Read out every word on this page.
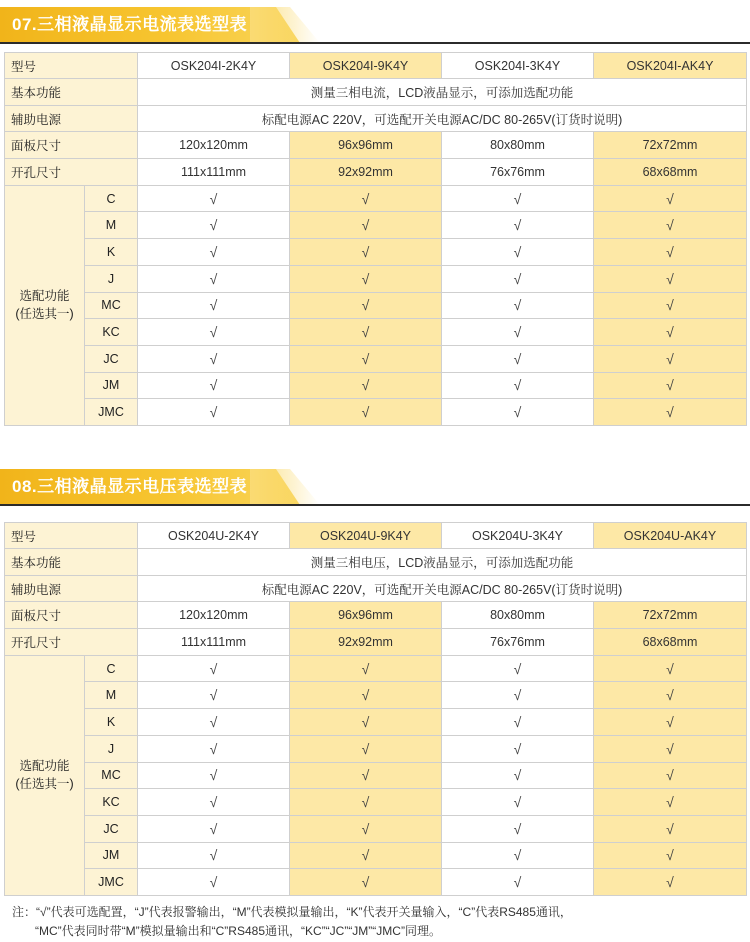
07.三相液晶显示电流表选型表
型号		OSK204I-2K4Y	OSK204I-9K4Y	OSK204I-3K4Y	OSK204I-AK4Y
基本功能		测量三相电流，LCD液晶显示，可添加选配功能			
辅助电源		标配电源AC 220V，可选配开关电源AC/DC 80-265V(订货时说明)			
面板尺寸		120x120mm	96x96mm	80x80mm	72x72mm
开孔尺寸		111x111mm	92x92mm	76x76mm	68x68mm

选配功能
(任选其一)	C	√	√	√	√
	M	√	√	√	√
	K	√	√	√	√
	J	√	√	√	√
	MC	√	√	√	√
	KC	√	√	√	√
	JC	√	√	√	√
	JM	√	√	√	√
	JMC	√	√	√	√
08.三相液晶显示电压表选型表
型号		OSK204U-2K4Y	OSK204U-9K4Y	OSK204U-3K4Y	OSK204U-AK4Y
基本功能		测量三相电压，LCD液晶显示，可添加选配功能			
辅助电源		标配电源AC 220V，可选配开关电源AC/DC 80-265V(订货时说明)			
面板尺寸		120x120mm	96x96mm	80x80mm	72x72mm
开孔尺寸		111x111mm	92x92mm	76x76mm	68x68mm

选配功能
(任选其一)	C	√	√	√	√
	M	√	√	√	√
	K	√	√	√	√
	J	√	√	√	√
	MC	√	√	√	√
	KC	√	√	√	√
	JC	√	√	√	√
	JM	√	√	√	√
	JMC	√	√	√	√
注：“√”代表可选配置，“J”代表报警输出，“M”代表模拟量输出，“K”代表开关量输入，“C”代表RS485通讯，
“MC”代表同时带“M”模拟量输出和“C”RS485通讯，“KC”“JC”“JM”“JMC”同理。
